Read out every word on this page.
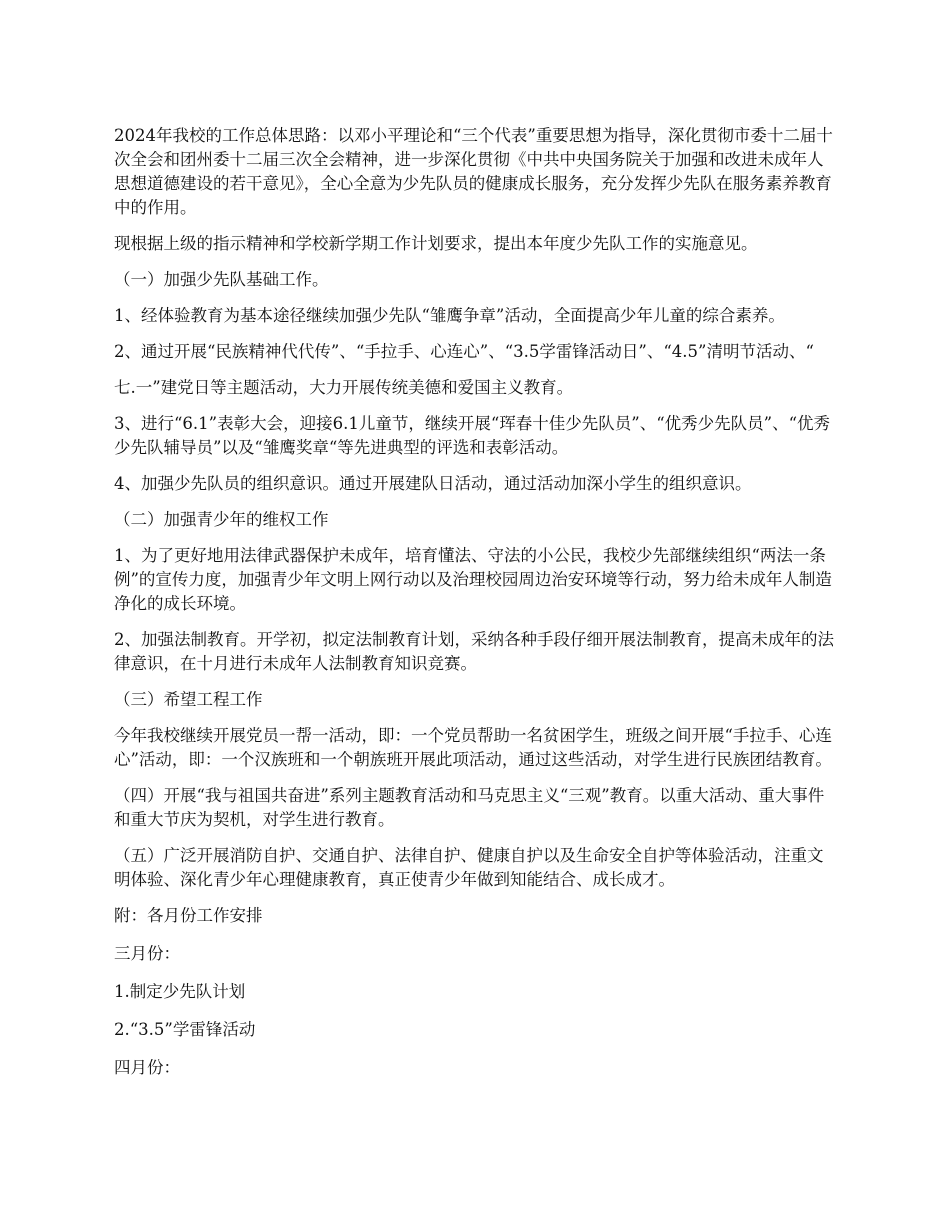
2024年我校的工作总体思路：以邓小平理论和“三个代表”重要思想为指导，深化贯彻市委十二届十次全会和团州委十二届三次全会精神，进一步深化贯彻《中共中央国务院关于加强和改进未成年人思想道德建设的若干意见》，全心全意为少先队员的健康成长服务，充分发挥少先队在服务素养教育中的作用。

现根据上级的指示精神和学校新学期工作计划要求，提出本年度少先队工作的实施意见。

（一）加强少先队基础工作。

1、经体验教育为基本途径继续加强少先队“雏鹰争章”活动，全面提高少年儿童的综合素养。

2、通过开展“民族精神代代传”、“手拉手、心连心”、“3.5学雷锋活动日”、“4.5”清明节活动、“

七.一”建党日等主题活动，大力开展传统美德和爱国主义教育。

3、进行“6.1”表彰大会，迎接6.1儿童节，继续开展“珲春十佳少先队员”、“优秀少先队员”、“优秀少先队辅导员”以及“雏鹰奖章“等先进典型的评选和表彰活动。

4、加强少先队员的组织意识。通过开展建队日活动，通过活动加深小学生的组织意识。

（二）加强青少年的维权工作

1、为了更好地用法律武器保护未成年，培育懂法、守法的小公民，我校少先部继续组织“两法一条例”的宣传力度，加强青少年文明上网行动以及治理校园周边治安环境等行动，努力给未成年人制造净化的成长环境。

2、加强法制教育。开学初，拟定法制教育计划，采纳各种手段仔细开展法制教育，提高未成年的法律意识，在十月进行未成年人法制教育知识竞赛。

（三）希望工程工作

今年我校继续开展党员一帮一活动，即：一个党员帮助一名贫困学生，班级之间开展“手拉手、心连心”活动，即：一个汉族班和一个朝族班开展此项活动，通过这些活动，对学生进行民族团结教育。

（四）开展“我与祖国共奋进”系列主题教育活动和马克思主义“三观”教育。以重大活动、重大事件和重大节庆为契机，对学生进行教育。

（五）广泛开展消防自护、交通自护、法律自护、健康自护以及生命安全自护等体验活动，注重文明体验、深化青少年心理健康教育，真正使青少年做到知能结合、成长成才。

附：各月份工作安排

三月份：

1.制定少先队计划

2.“3.5”学雷锋活动

四月份：
